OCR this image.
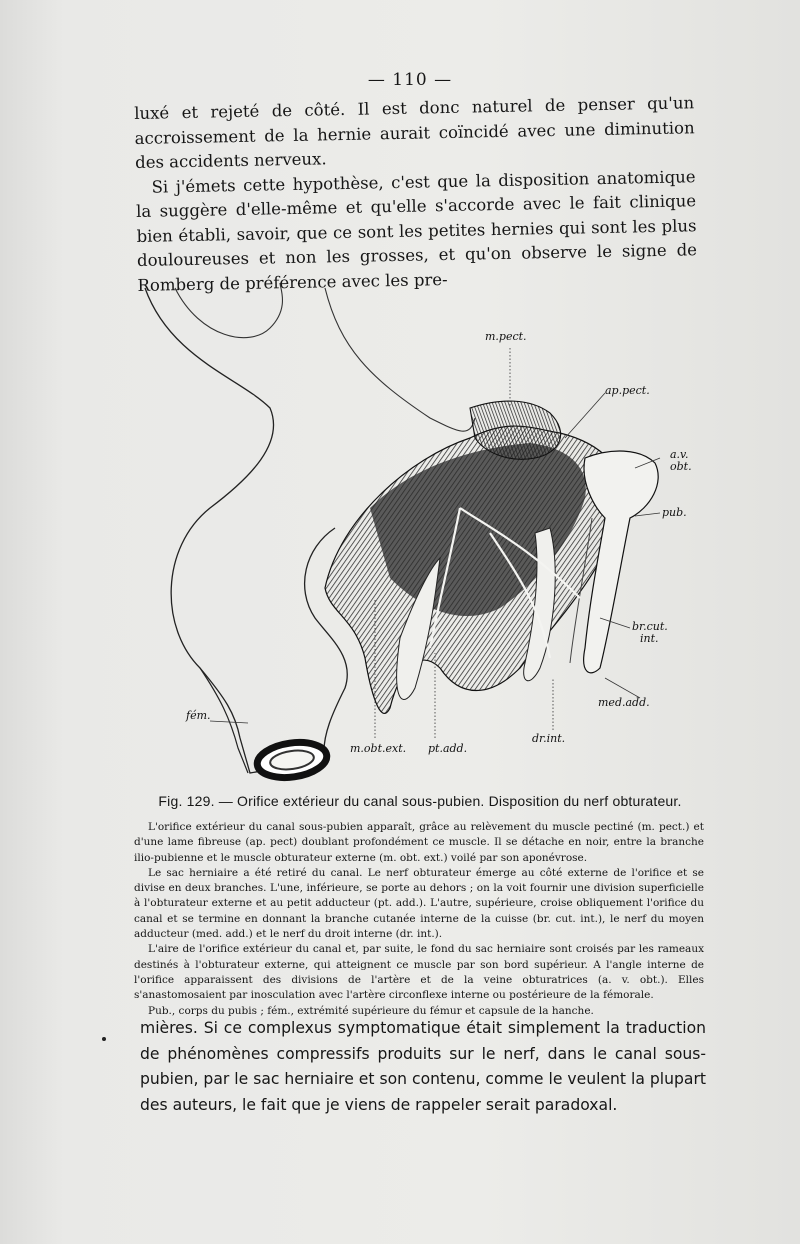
— 110 —

luxé et rejeté de côté. Il est donc naturel de penser qu'un accroissement de la hernie aurait coïncidé avec une diminution des accidents nerveux.

Si j'émets cette hypothèse, c'est que la disposition anatomique la suggère d'elle-même et qu'elle s'accorde avec le fait clinique bien établi, savoir, que ce sont les petites hernies qui sont les plus douloureuses et non les grosses, et qu'on observe le signe de Romberg de préférence avec les pre-

m.pect.
ap.pect.
a.v.
obt.
pub.
br.cut.
int.
med.add.
dr.int.
pt.add.
m.obt.ext.
fém.
Fig. 129. — Orifice extérieur du canal sous-pubien. Disposition du nerf obturateur.

L'orifice extérieur du canal sous-pubien apparaît, grâce au relèvement du muscle pectiné (m. pect.) et d'une lame fibreuse (ap. pect) doublant profondément ce muscle. Il se détache en noir, entre la branche ilio-pubienne et le muscle obturateur externe (m. obt. ext.) voilé par son aponévrose.

Le sac herniaire a été retiré du canal. Le nerf obturateur émerge au côté externe de l'orifice et se divise en deux branches. L'une, inférieure, se porte au dehors ; on la voit fournir une division superficielle à l'obturateur externe et au petit adducteur (pt. add.). L'autre, supérieure, croise obliquement l'orifice du canal et se termine en donnant la branche cutanée interne de la cuisse (br. cut. int.), le nerf du moyen adducteur (med. add.) et le nerf du droit interne (dr. int.).

L'aire de l'orifice extérieur du canal et, par suite, le fond du sac herniaire sont croisés par les rameaux destinés à l'obturateur externe, qui atteignent ce muscle par son bord supérieur. A l'angle interne de l'orifice apparaissent des divisions de l'artère et de la veine obturatrices (a. v. obt.). Elles s'anastomosaient par inosculation avec l'artère circonflexe interne ou postérieure de la fémorale.

Pub., corps du pubis ; fém., extrémité supérieure du fémur et capsule de la hanche.

mières. Si ce complexus symptomatique était simplement la traduction de phénomènes compressifs produits sur le nerf, dans le canal sous-pubien, par le sac herniaire et son contenu, comme le veulent la plupart des auteurs, le fait que je viens de rappeler serait paradoxal.
